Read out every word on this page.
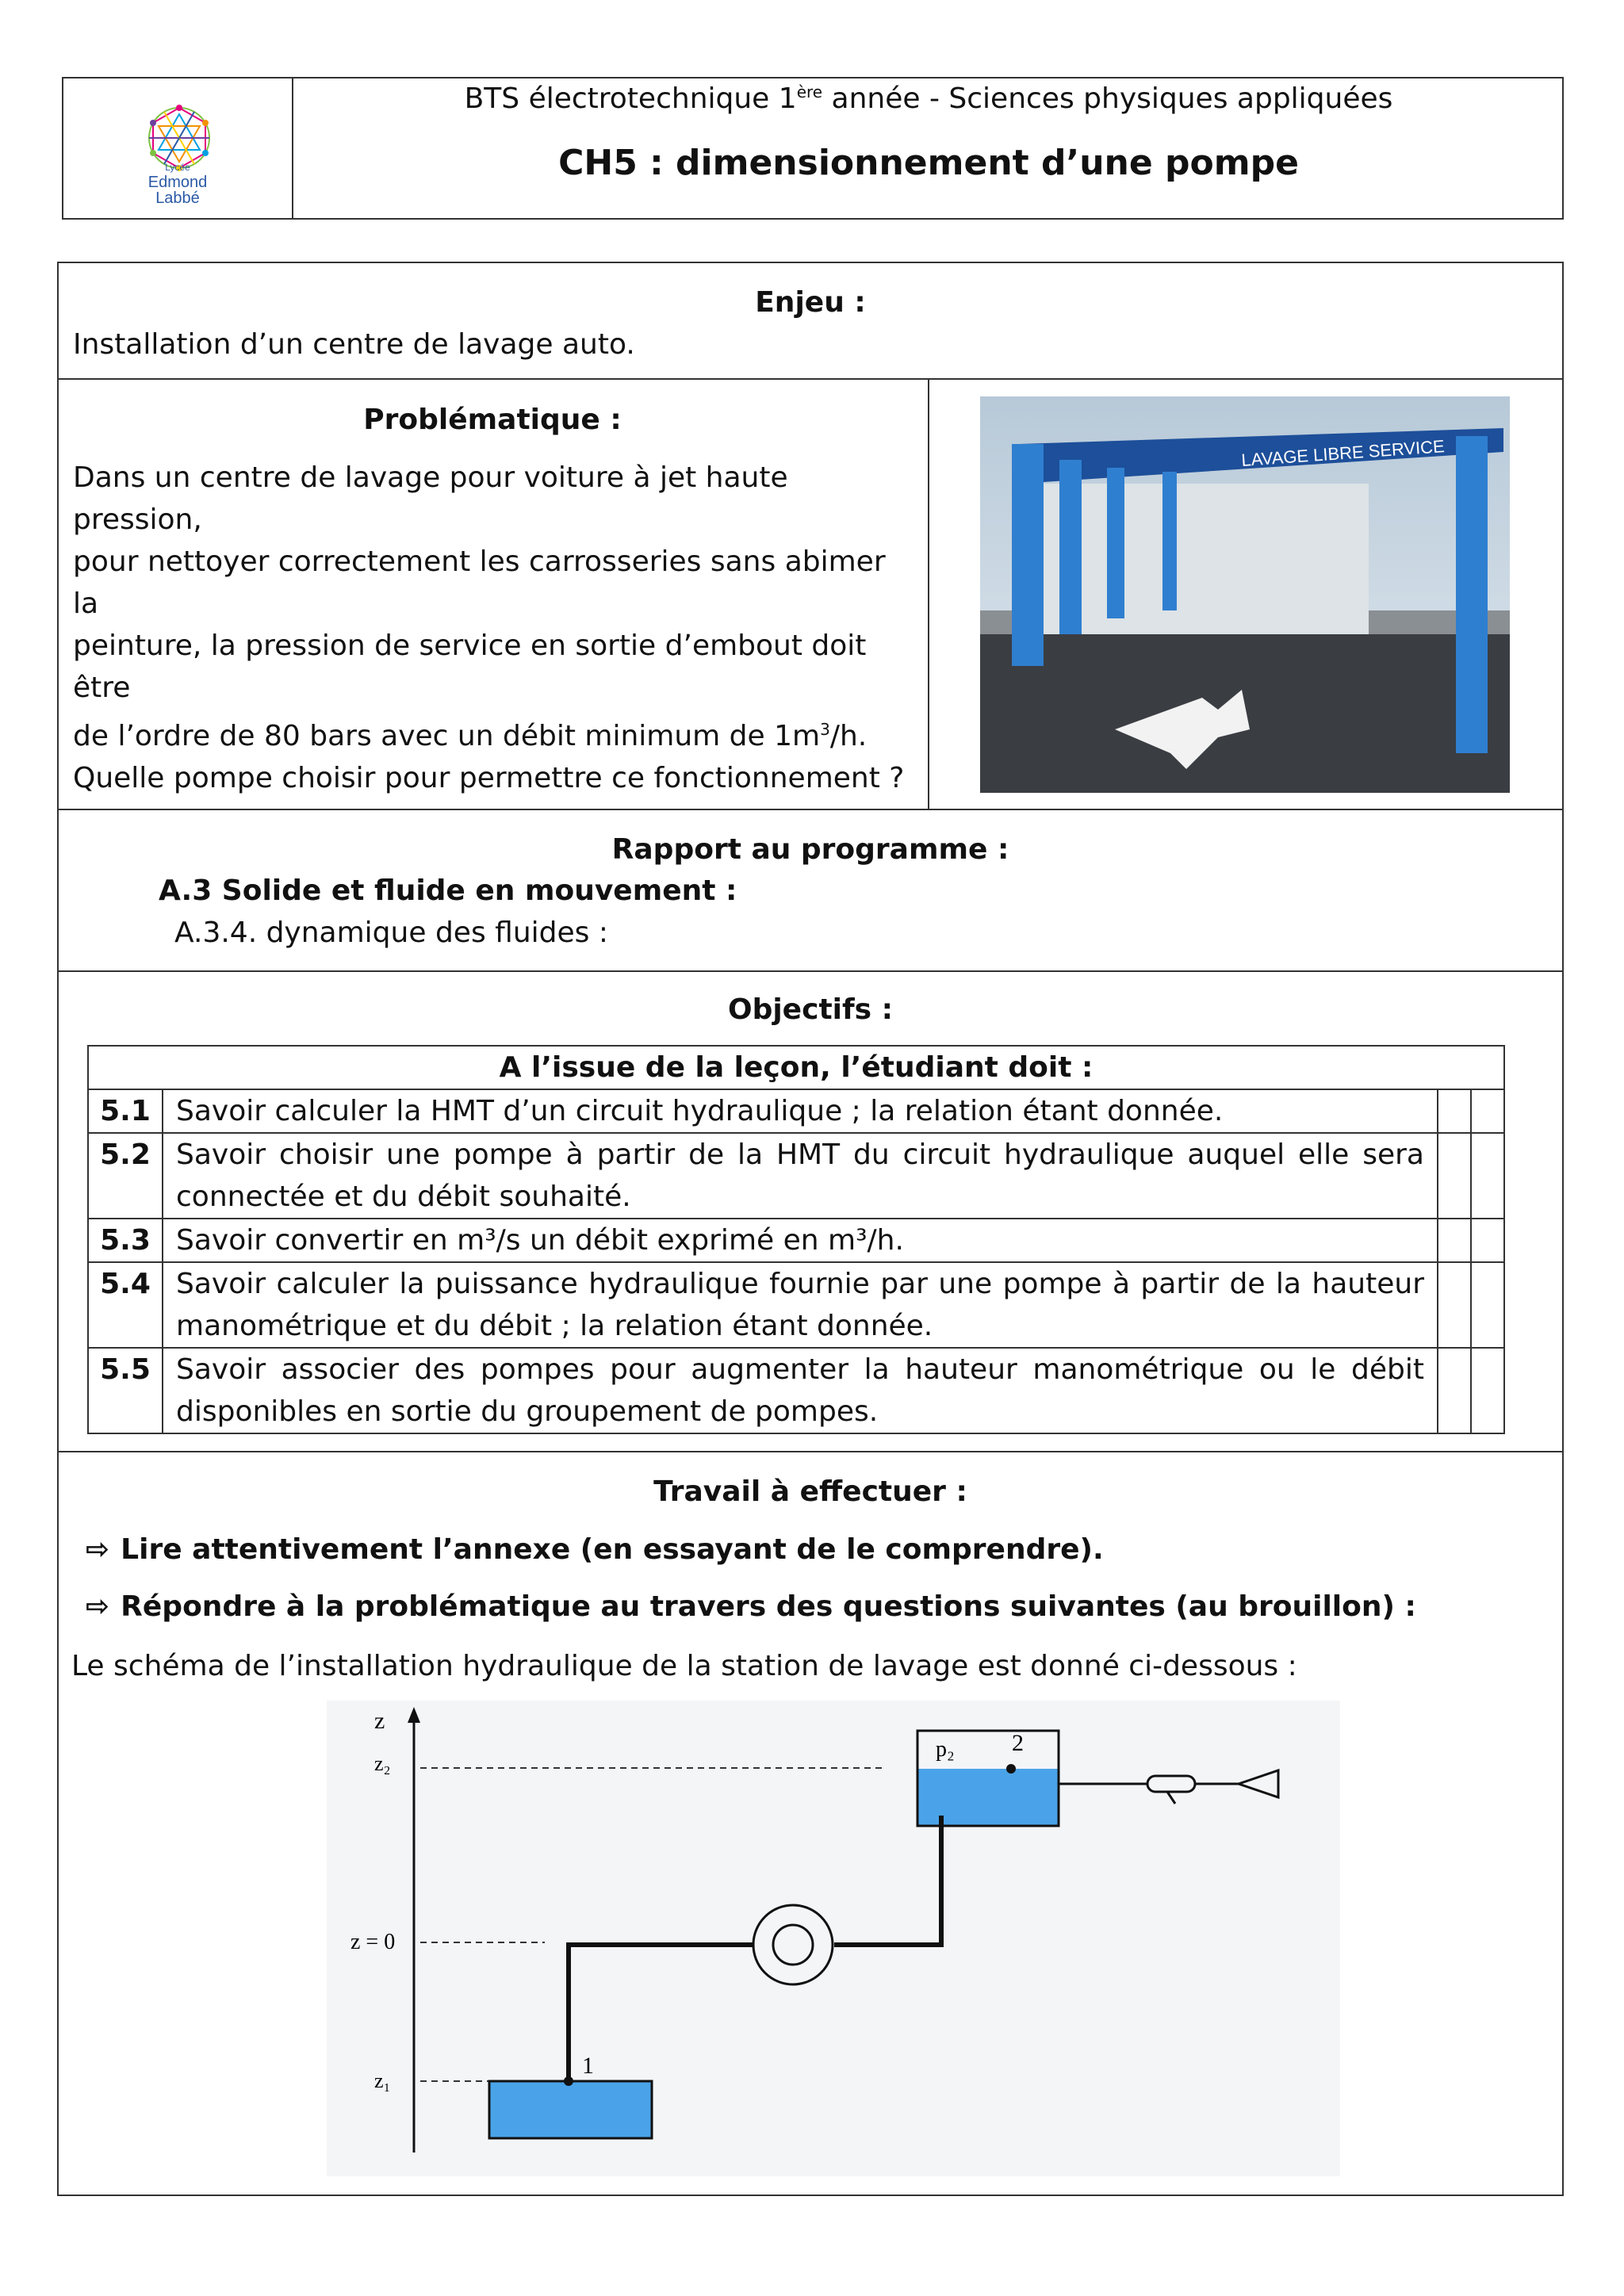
Lycée
Edmond
Labbé
BTS électrotechnique 1ère année - Sciences physiques appliquées
CH5 : dimensionnement d’une pompe
Enjeu :
Installation d’un centre de lavage auto.
Problématique :
Dans un centre de lavage pour voiture à jet haute pression,
pour nettoyer correctement les carrosseries sans abimer la
peinture, la pression de service en sortie d’embout doit être
de l’ordre de 80 bars avec un débit minimum de $1m^3/h$.
Quelle pompe choisir pour permettre ce fonctionnement ?
LAVAGE LIBRE SERVICE
Rapport au programme :
A.3 Solide et fluide en mouvement :
A.3.4. dynamique des fluides :
Objectifs :
A l’issue de la leçon, l’étudiant doit :			
5.1	Savoir calculer la HMT d’un circuit hydraulique ; la relation étant donnée.		
5.2	Savoir choisir une pompe à partir de la HMT du circuit hydraulique auquel elle sera connectée et du débit souhaité.		
5.3	Savoir convertir en m³/s un débit exprimé en m³/h.		
5.4	Savoir calculer la puissance hydraulique fournie par une pompe à partir de la hauteur manométrique et du débit ; la relation étant donnée.		
5.5	Savoir associer des pompes pour augmenter la hauteur manométrique ou le débit disponibles en sortie du groupement de pompes.		
Travail à effectuer :
⇨ Lire attentivement l’annexe (en essayant de le comprendre).
⇨ Répondre à la problématique au travers des questions suivantes (au brouillon) :
Le schéma de l’installation hydraulique de la station de lavage est donné ci-dessous :
z
z₂
z = 0
z₁
p₂ 2
1
